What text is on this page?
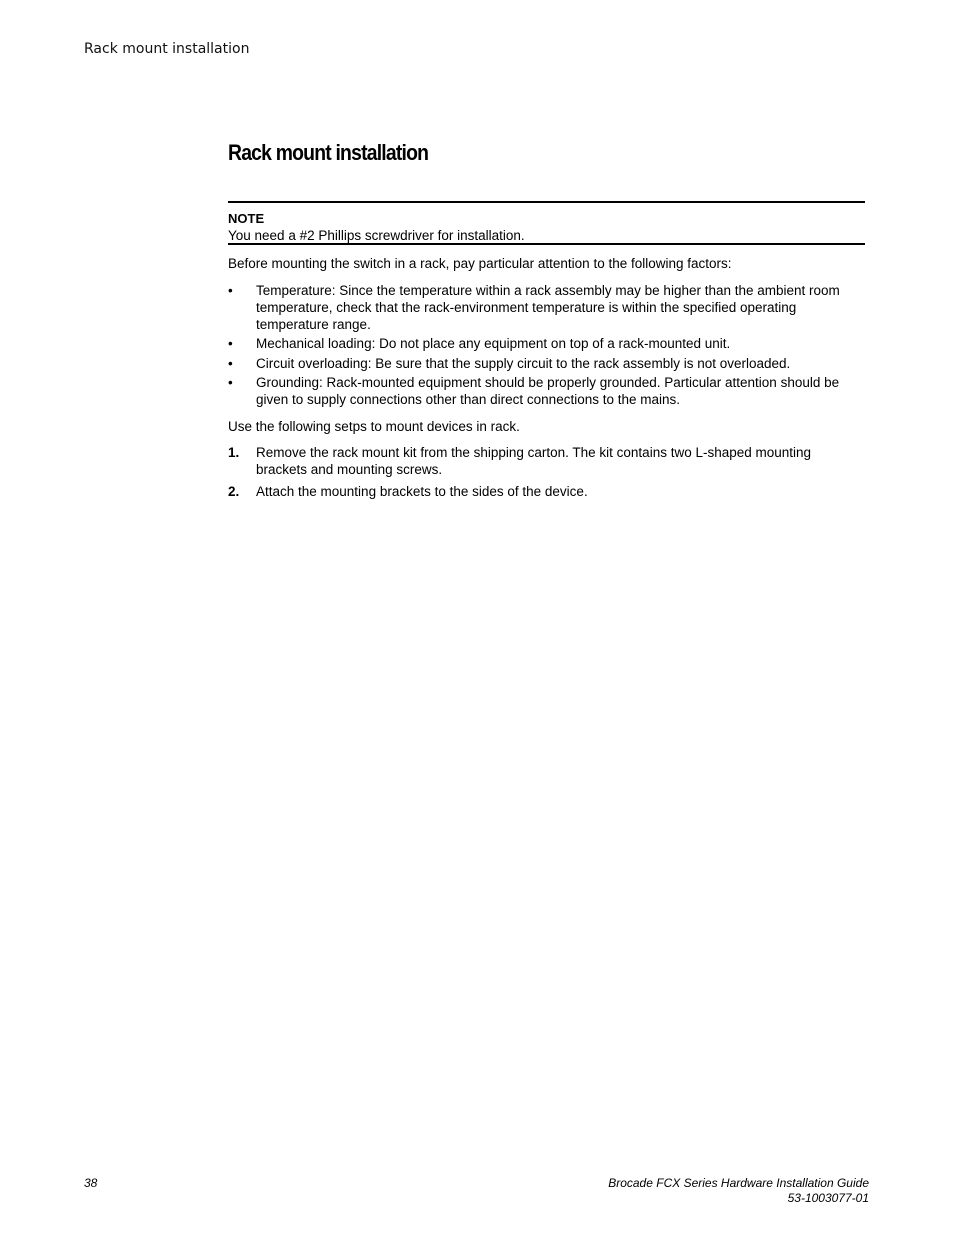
Rack mount installation
Rack mount installation
NOTE
You need a #2 Phillips screwdriver for installation.
Before mounting the switch in a rack, pay particular attention to the following factors:
• Temperature: Since the temperature within a rack assembly may be higher than the ambient room temperature, check that the rack-environment temperature is within the specified operating temperature range.
• Mechanical loading: Do not place any equipment on top of a rack-mounted unit.
• Circuit overloading: Be sure that the supply circuit to the rack assembly is not overloaded.
• Grounding: Rack-mounted equipment should be properly grounded. Particular attention should be given to supply connections other than direct connections to the mains.
Use the following setps to mount devices in rack.
1. Remove the rack mount kit from the shipping carton. The kit contains two L-shaped mounting brackets and mounting screws.
2. Attach the mounting brackets to the sides of the device.
38	Brocade FCX Series Hardware Installation Guide
53-1003077-01
